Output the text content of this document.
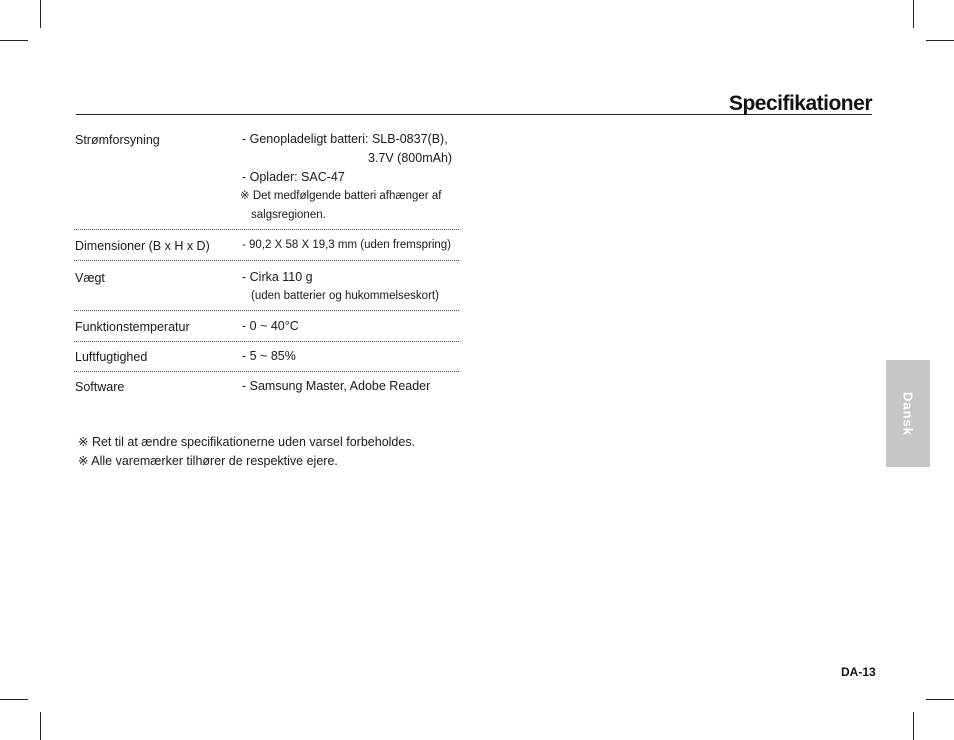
Specifikationer
Strømforsyning	- Genopladeligt batteri: SLB-0837(B),
3.7V (800mAh)
- Oplader: SAC-47
※ Det medfølgende batteri afhænger af
salgsregionen.
Dimensioner (B x H x D)	- 90,2 X 58 X 19,3 mm (uden fremspring)
Vægt	- Cirka 110 g
(uden batterier og hukommelseskort)
Funktionstemperatur	- 0 ~ 40°C
Luftfugtighed	- 5 ~ 85%
Software	- Samsung Master, Adobe Reader
※ Ret til at ændre specifikationerne uden varsel forbeholdes.
※ Alle varemærker tilhører de respektive ejere.
Dansk
DA-13
